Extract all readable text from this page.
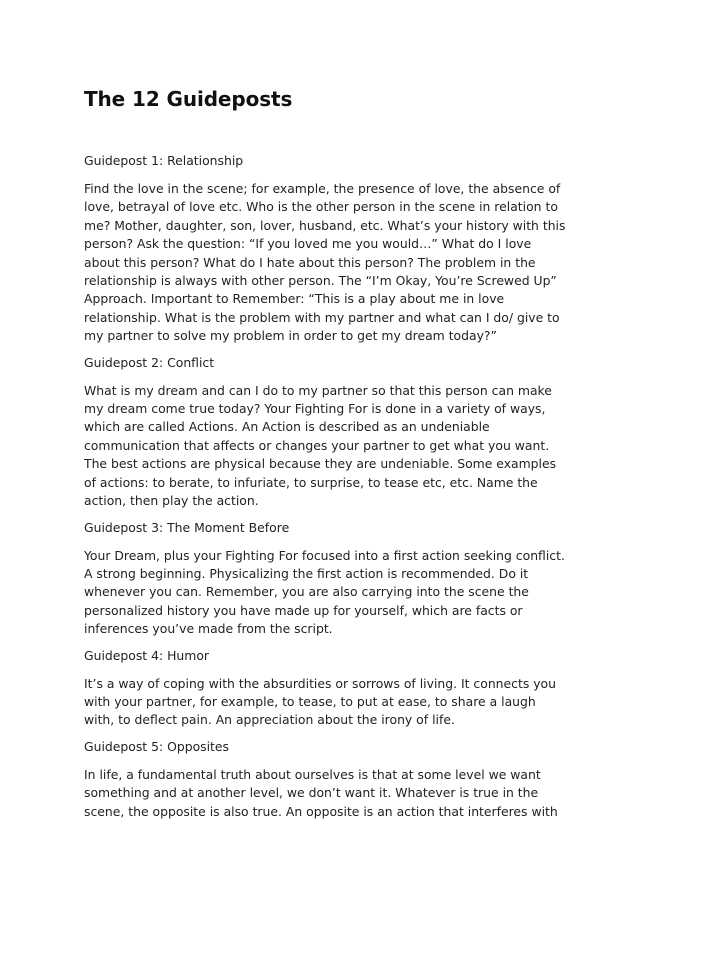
The 12 Guideposts

Guidepost 1: Relationship

Find the love in the scene; for example, the presence of love, the absence of
love, betrayal of love etc. Who is the other person in the scene in relation to
me? Mother, daughter, son, lover, husband, etc. What’s your history with this
person? Ask the question: “If you loved me you would…” What do I love
about this person? What do I hate about this person? The problem in the
relationship is always with other person. The “I’m Okay, You’re Screwed Up”
Approach. Important to Remember: “This is a play about me in love
relationship. What is the problem with my partner and what can I do/ give to
my partner to solve my problem in order to get my dream today?”

Guidepost 2: Conflict

What is my dream and can I do to my partner so that this person can make
my dream come true today? Your Fighting For is done in a variety of ways,
which are called Actions. An Action is described as an undeniable
communication that affects or changes your partner to get what you want.
The best actions are physical because they are undeniable. Some examples
of actions: to berate, to infuriate, to surprise, to tease etc, etc. Name the
action, then play the action.

Guidepost 3: The Moment Before

Your Dream, plus your Fighting For focused into a first action seeking conflict.
A strong beginning. Physicalizing the first action is recommended. Do it
whenever you can. Remember, you are also carrying into the scene the
personalized history you have made up for yourself, which are facts or
inferences you’ve made from the script.

Guidepost 4: Humor

It’s a way of coping with the absurdities or sorrows of living. It connects you
with your partner, for example, to tease, to put at ease, to share a laugh
with, to deflect pain. An appreciation about the irony of life.

Guidepost 5: Opposites

In life, a fundamental truth about ourselves is that at some level we want
something and at another level, we don’t want it. Whatever is true in the
scene, the opposite is also true. An opposite is an action that interferes with
